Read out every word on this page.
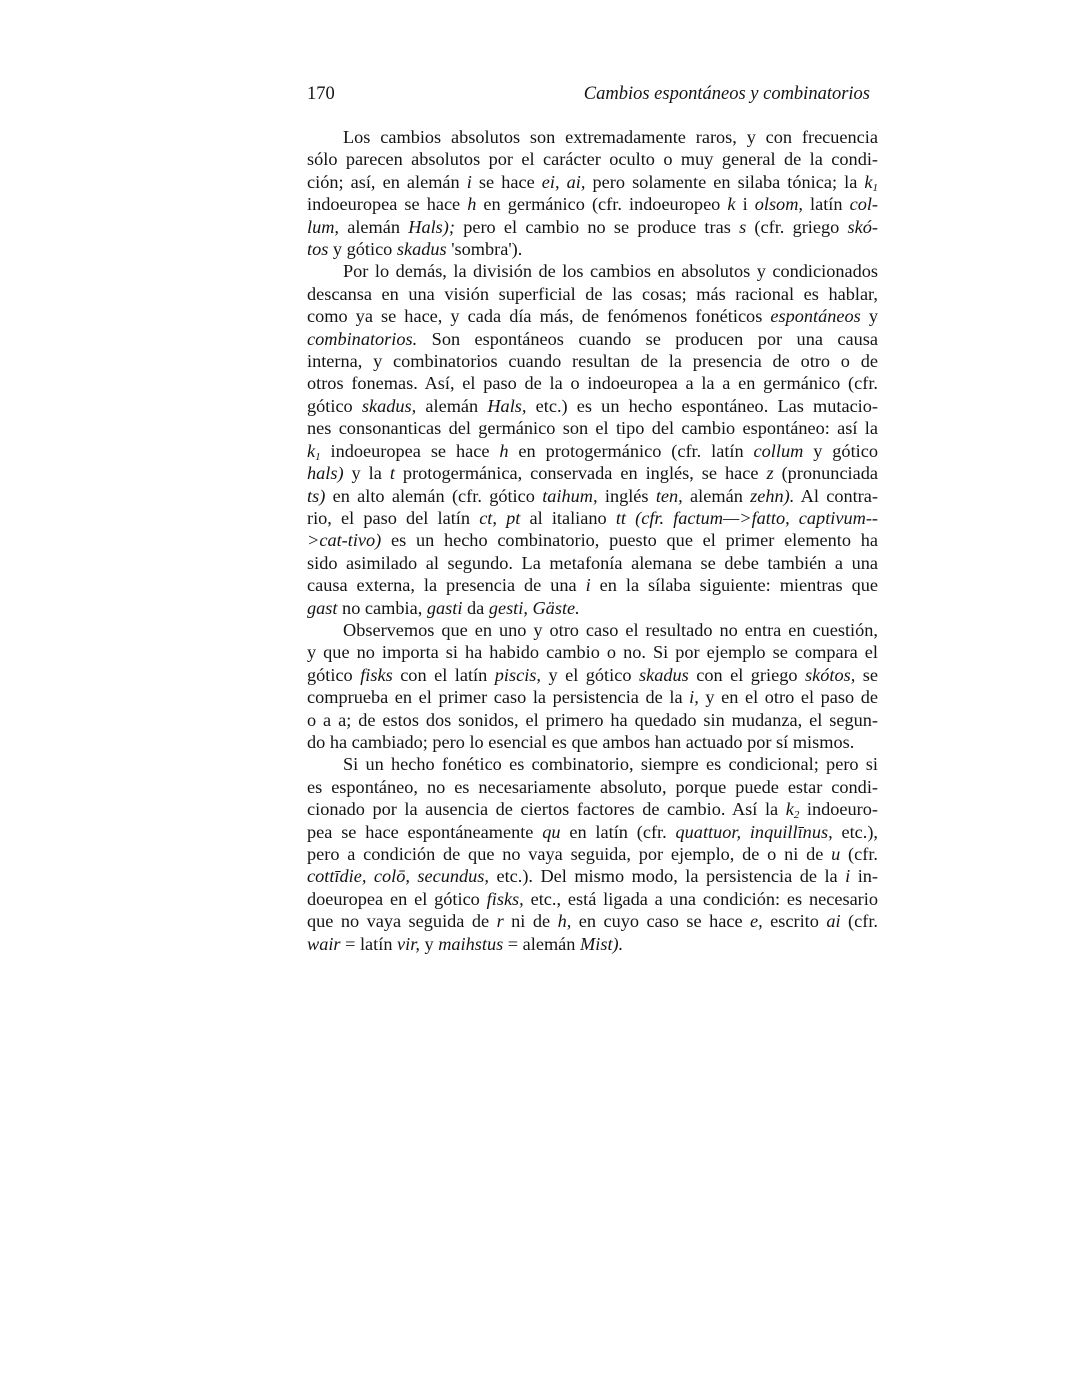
170	Cambios espontáneos y combinatorios
Los cambios absolutos son extremadamente raros, y con frecuencia
sólo parecen absolutos por el carácter oculto o muy general de la condi-
ción; así, en alemán i se hace ei, ai, pero solamente en silaba tónica; la $k_1$
indoeuropea se hace h en germánico (cfr. indoeuropeo k i olsom, latín col-
lum, alemán Hals); pero el cambio no se produce tras s (cfr. griego skó-
tos y gótico skadus 'sombra').
Por lo demás, la división de los cambios en absolutos y condicionados
descansa en una visión superficial de las cosas; más racional es hablar,
como ya se hace, y cada día más, de fenómenos fonéticos espontáneos y
combinatorios. Son espontáneos cuando se producen por una causa
interna, y combinatorios cuando resultan de la presencia de otro o de
otros fonemas. Así, el paso de la o indoeuropea a la a en germánico (cfr.
gótico skadus, alemán Hals, etc.) es un hecho espontáneo. Las mutacio-
nes consonanticas del germánico son el tipo del cambio espontáneo: así la
$k_1$ indoeuropea se hace h en protogermánico (cfr. latín collum y gótico
hals) y la t protogermánica, conservada en inglés, se hace z (pronunciada
ts) en alto alemán (cfr. gótico taihum, inglés ten, alemán zehn). Al contra-
rio, el paso del latín ct, pt al italiano tt (cfr. factum—>fatto, captivum--
>cat-tivo) es un hecho combinatorio, puesto que el primer elemento ha
sido asimilado al segundo. La metafonía alemana se debe también a una
causa externa, la presencia de una i en la sílaba siguiente: mientras que
gast no cambia, gasti da gesti, Gäste.
Observemos que en uno y otro caso el resultado no entra en cuestión,
y que no importa si ha habido cambio o no. Si por ejemplo se compara el
gótico fisks con el latín piscis, y el gótico skadus con el griego skótos, se
comprueba en el primer caso la persistencia de la i, y en el otro el paso de
o a a; de estos dos sonidos, el primero ha quedado sin mudanza, el segun-
do ha cambiado; pero lo esencial es que ambos han actuado por sí mismos.
Si un hecho fonético es combinatorio, siempre es condicional; pero si
es espontáneo, no es necesariamente absoluto, porque puede estar condi-
cionado por la ausencia de ciertos factores de cambio. Así la $k_2$ indoeuro-
pea se hace espontáneamente qu en latín (cfr. quattuor, inquillīnus, etc.),
pero a condición de que no vaya seguida, por ejemplo, de o ni de u (cfr.
cottīdie, colō, secundus, etc.). Del mismo modo, la persistencia de la i in-
doeuropea en el gótico fisks, etc., está ligada a una condición: es necesario
que no vaya seguida de r ni de h, en cuyo caso se hace e, escrito ai (cfr.
wair = latín vir, y maihstus = alemán Mist).
